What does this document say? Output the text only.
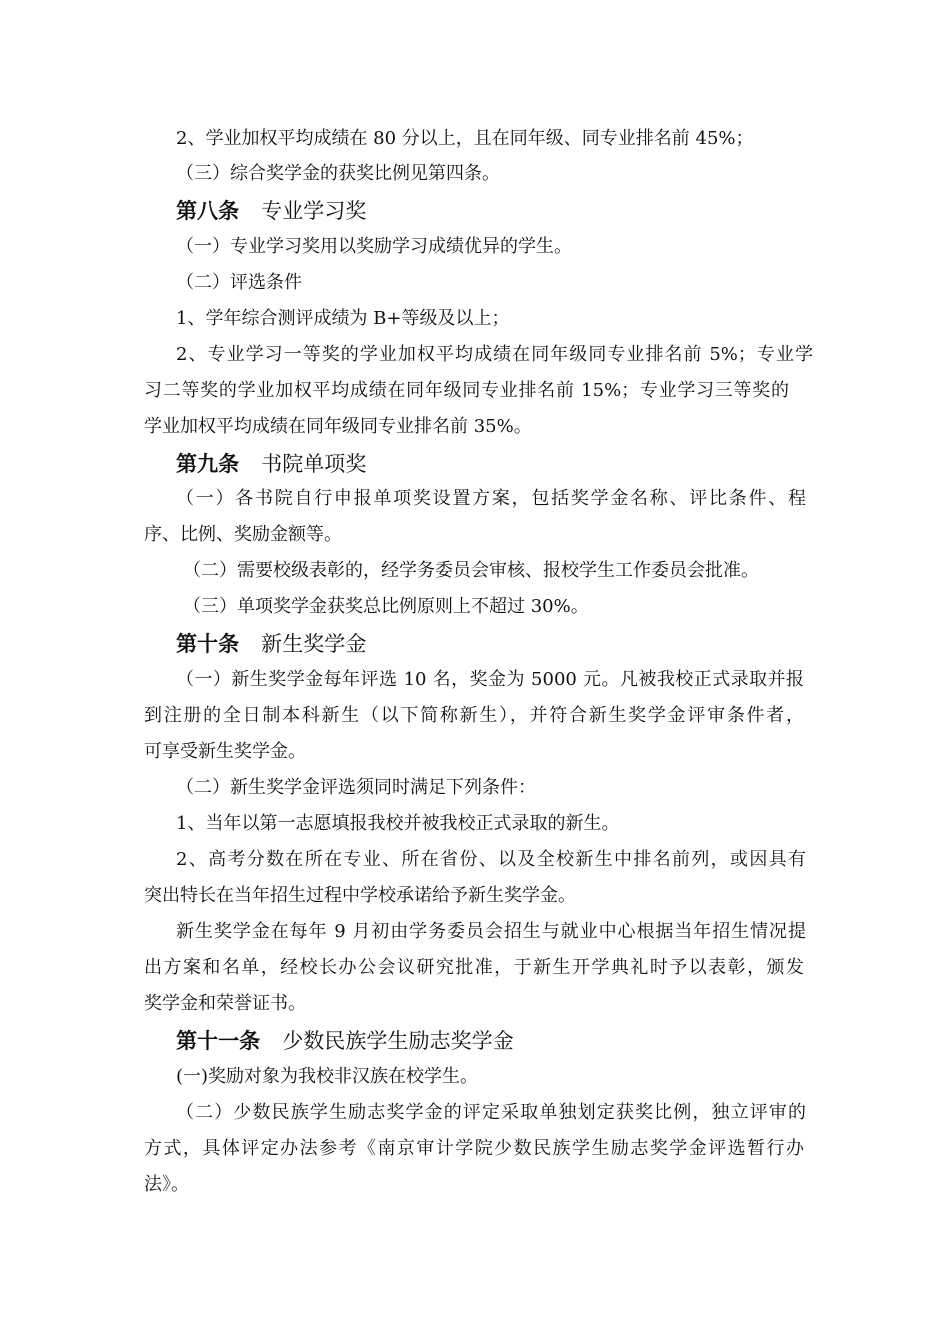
2、学业加权平均成绩在 80 分以上，且在同年级、同专业排名前 45%；

（三）综合奖学金的获奖比例见第四条。

第八条 专业学习奖

（一）专业学习奖用以奖励学习成绩优异的学生。

（二）评选条件

1、学年综合测评成绩为 B+等级及以上；

2、专业学习一等奖的学业加权平均成绩在同年级同专业排名前 5%；专业学

习二等奖的学业加权平均成绩在同年级同专业排名前 15%；专业学习三等奖的

学业加权平均成绩在同年级同专业排名前 35%。

第九条 书院单项奖

（一）各书院自行申报单项奖设置方案，包括奖学金名称、评比条件、程

序、比例、奖励金额等。

（二）需要校级表彰的，经学务委员会审核、报校学生工作委员会批准。

（三）单项奖学金获奖总比例原则上不超过 30%。

第十条 新生奖学金

（一）新生奖学金每年评选 10 名，奖金为 5000 元。凡被我校正式录取并报

到注册的全日制本科新生（以下简称新生），并符合新生奖学金评审条件者，

可享受新生奖学金。

（二）新生奖学金评选须同时满足下列条件：

1、当年以第一志愿填报我校并被我校正式录取的新生。

2、高考分数在所在专业、所在省份、以及全校新生中排名前列，或因具有

突出特长在当年招生过程中学校承诺给予新生奖学金。

新生奖学金在每年 9 月初由学务委员会招生与就业中心根据当年招生情况提

出方案和名单，经校长办公会议研究批准，于新生开学典礼时予以表彰，颁发

奖学金和荣誉证书。

第十一条 少数民族学生励志奖学金

(一)奖励对象为我校非汉族在校学生。

（二）少数民族学生励志奖学金的评定采取单独划定获奖比例，独立评审的

方式，具体评定办法参考《南京审计学院少数民族学生励志奖学金评选暂行办

法》。
